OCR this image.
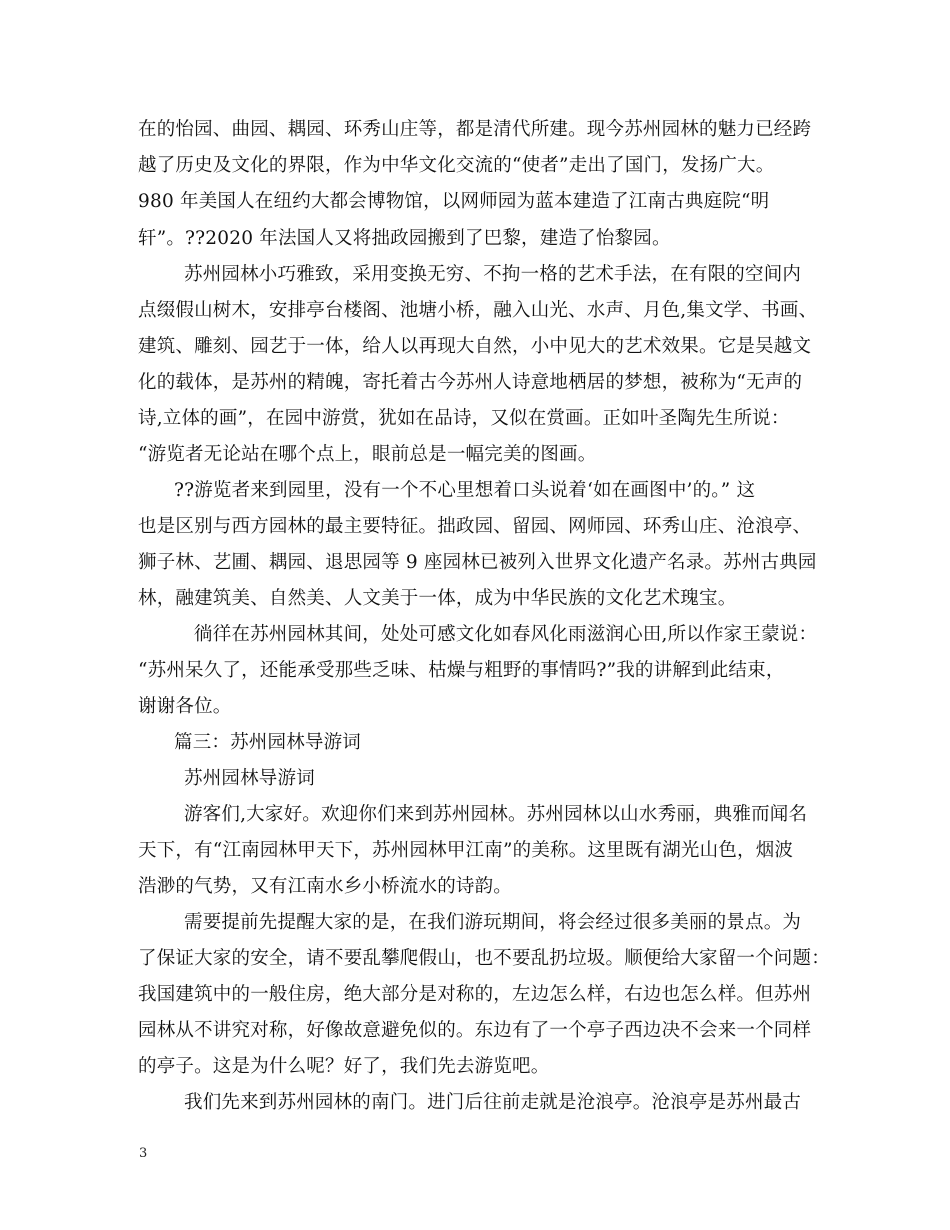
在的怡园、曲园、耦园、环秀山庄等，都是清代所建。现今苏州园林的魅力已经跨
越了历史及文化的界限，作为中华文化交流的“使者”走出了国门，发扬广大。
980 年美国人在纽约大都会博物馆，以网师园为蓝本建造了江南古典庭院“明
轩”。??2020 年法国人又将拙政园搬到了巴黎，建造了怡黎园。
苏州园林小巧雅致，采用变换无穷、不拘一格的艺术手法，在有限的空间内
点缀假山树木，安排亭台楼阁、池塘小桥，融入山光、水声、月色,集文学、书画、
建筑、雕刻、园艺于一体，给人以再现大自然，小中见大的艺术效果。它是吴越文
化的载体，是苏州的精魄，寄托着古今苏州人诗意地栖居的梦想，被称为“无声的
诗,立体的画”，在园中游赏，犹如在品诗，又似在赏画。正如叶圣陶先生所说：
“游览者无论站在哪个点上，眼前总是一幅完美的图画。
??游览者来到园里，没有一个不心里想着口头说着‘如在画图中’的。” 这
也是区别与西方园林的最主要特征。拙政园、留园、网师园、环秀山庄、沧浪亭、
狮子林、艺圃、耦园、退思园等 9 座园林已被列入世界文化遗产名录。苏州古典园
林，融建筑美、自然美、人文美于一体，成为中华民族的文化艺术瑰宝。
徜徉在苏州园林其间，处处可感文化如春风化雨滋润心田,所以作家王蒙说：
“苏州呆久了，还能承受那些乏味、枯燥与粗野的事情吗?”我的讲解到此结束，
谢谢各位。
篇三：苏州园林导游词
苏州园林导游词
游客们,大家好。欢迎你们来到苏州园林。苏州园林以山水秀丽，典雅而闻名
天下，有“江南园林甲天下，苏州园林甲江南”的美称。这里既有湖光山色，烟波
浩渺的气势，又有江南水乡小桥流水的诗韵。
需要提前先提醒大家的是，在我们游玩期间，将会经过很多美丽的景点。为
了保证大家的安全，请不要乱攀爬假山，也不要乱扔垃圾。顺便给大家留一个问题：
我国建筑中的一般住房，绝大部分是对称的，左边怎么样，右边也怎么样。但苏州
园林从不讲究对称，好像故意避免似的。东边有了一个亭子西边决不会来一个同样
的亭子。这是为什么呢？好了，我们先去游览吧。
我们先来到苏州园林的南门。进门后往前走就是沧浪亭。沧浪亭是苏州最古
3
